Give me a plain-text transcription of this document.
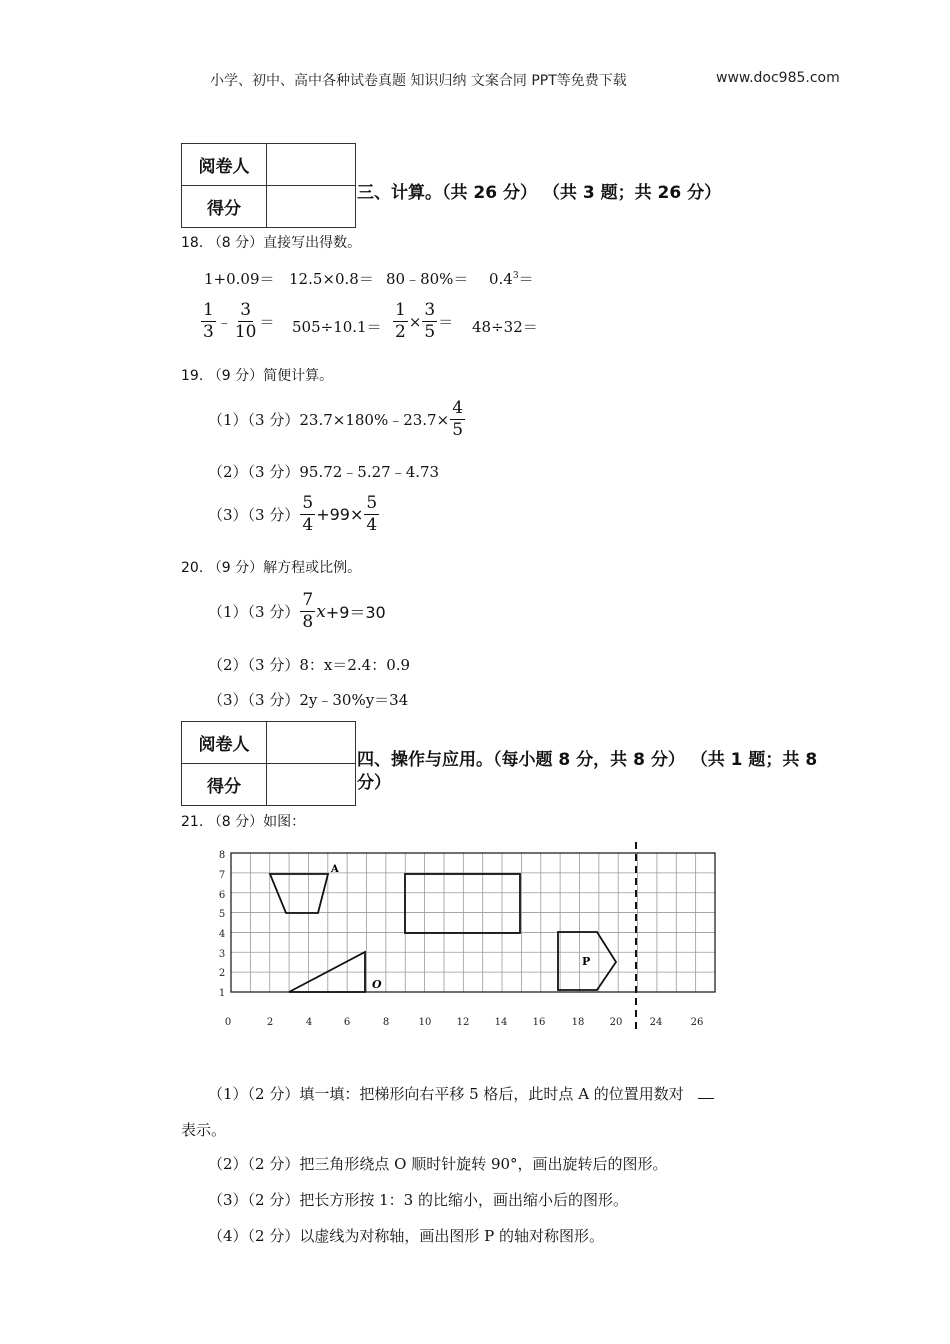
小学、初中、高中各种试卷真题 知识归纳 文案合同 PPT等免费下载	www.doc985.com
阅卷人	
得分	
三、计算。（共 26 分） （共 3 题；共 26 分）
18. （8 分）直接写出得数。
1+0.09＝ 12.5×0.8＝ 80﹣80%＝ $0.4^3=$
$\frac{1}{3}$ ﹣ $\frac{3}{10} = 505\div 10.1= \frac{1}{2} \times \frac{3}{5} = 48\div 32=$
19. （9 分）简便计算。
（1）（3 分）23.7×180%﹣23.7× $\frac{4}{5}$
（2）（3 分）95.72﹣5.27﹣4.73
（3）（3 分） $\frac{5}{4} +99\times \frac{5}{4}$
20. （9 分）解方程或比例。
（1）（3 分） $\frac{7}{8}$ x +9＝30
（2）（3 分）8：x＝2.4：0.9
（3）（3 分）2y﹣30%y＝34
阅卷人	
得分	
四、操作与应用。（每小题 8 分，共 8 分） （共 1 题；共 8
分）
21. （8 分）如图：
A
O
P
0	2	4	6	8	10	12	14	16	18	20	24	26
1
2
3
4
5
6
7
8
（1）（2 分）填一填：把梯形向右平移 5 格后，此时点 A 的位置用数对
表示。
（2）（2 分）把三角形绕点 O 顺时针旋转 90°，画出旋转后的图形。
（3）（2 分）把长方形按 1：3 的比缩小，画出缩小后的图形。
（4）（2 分）以虚线为对称轴，画出图形 P 的轴对称图形。
